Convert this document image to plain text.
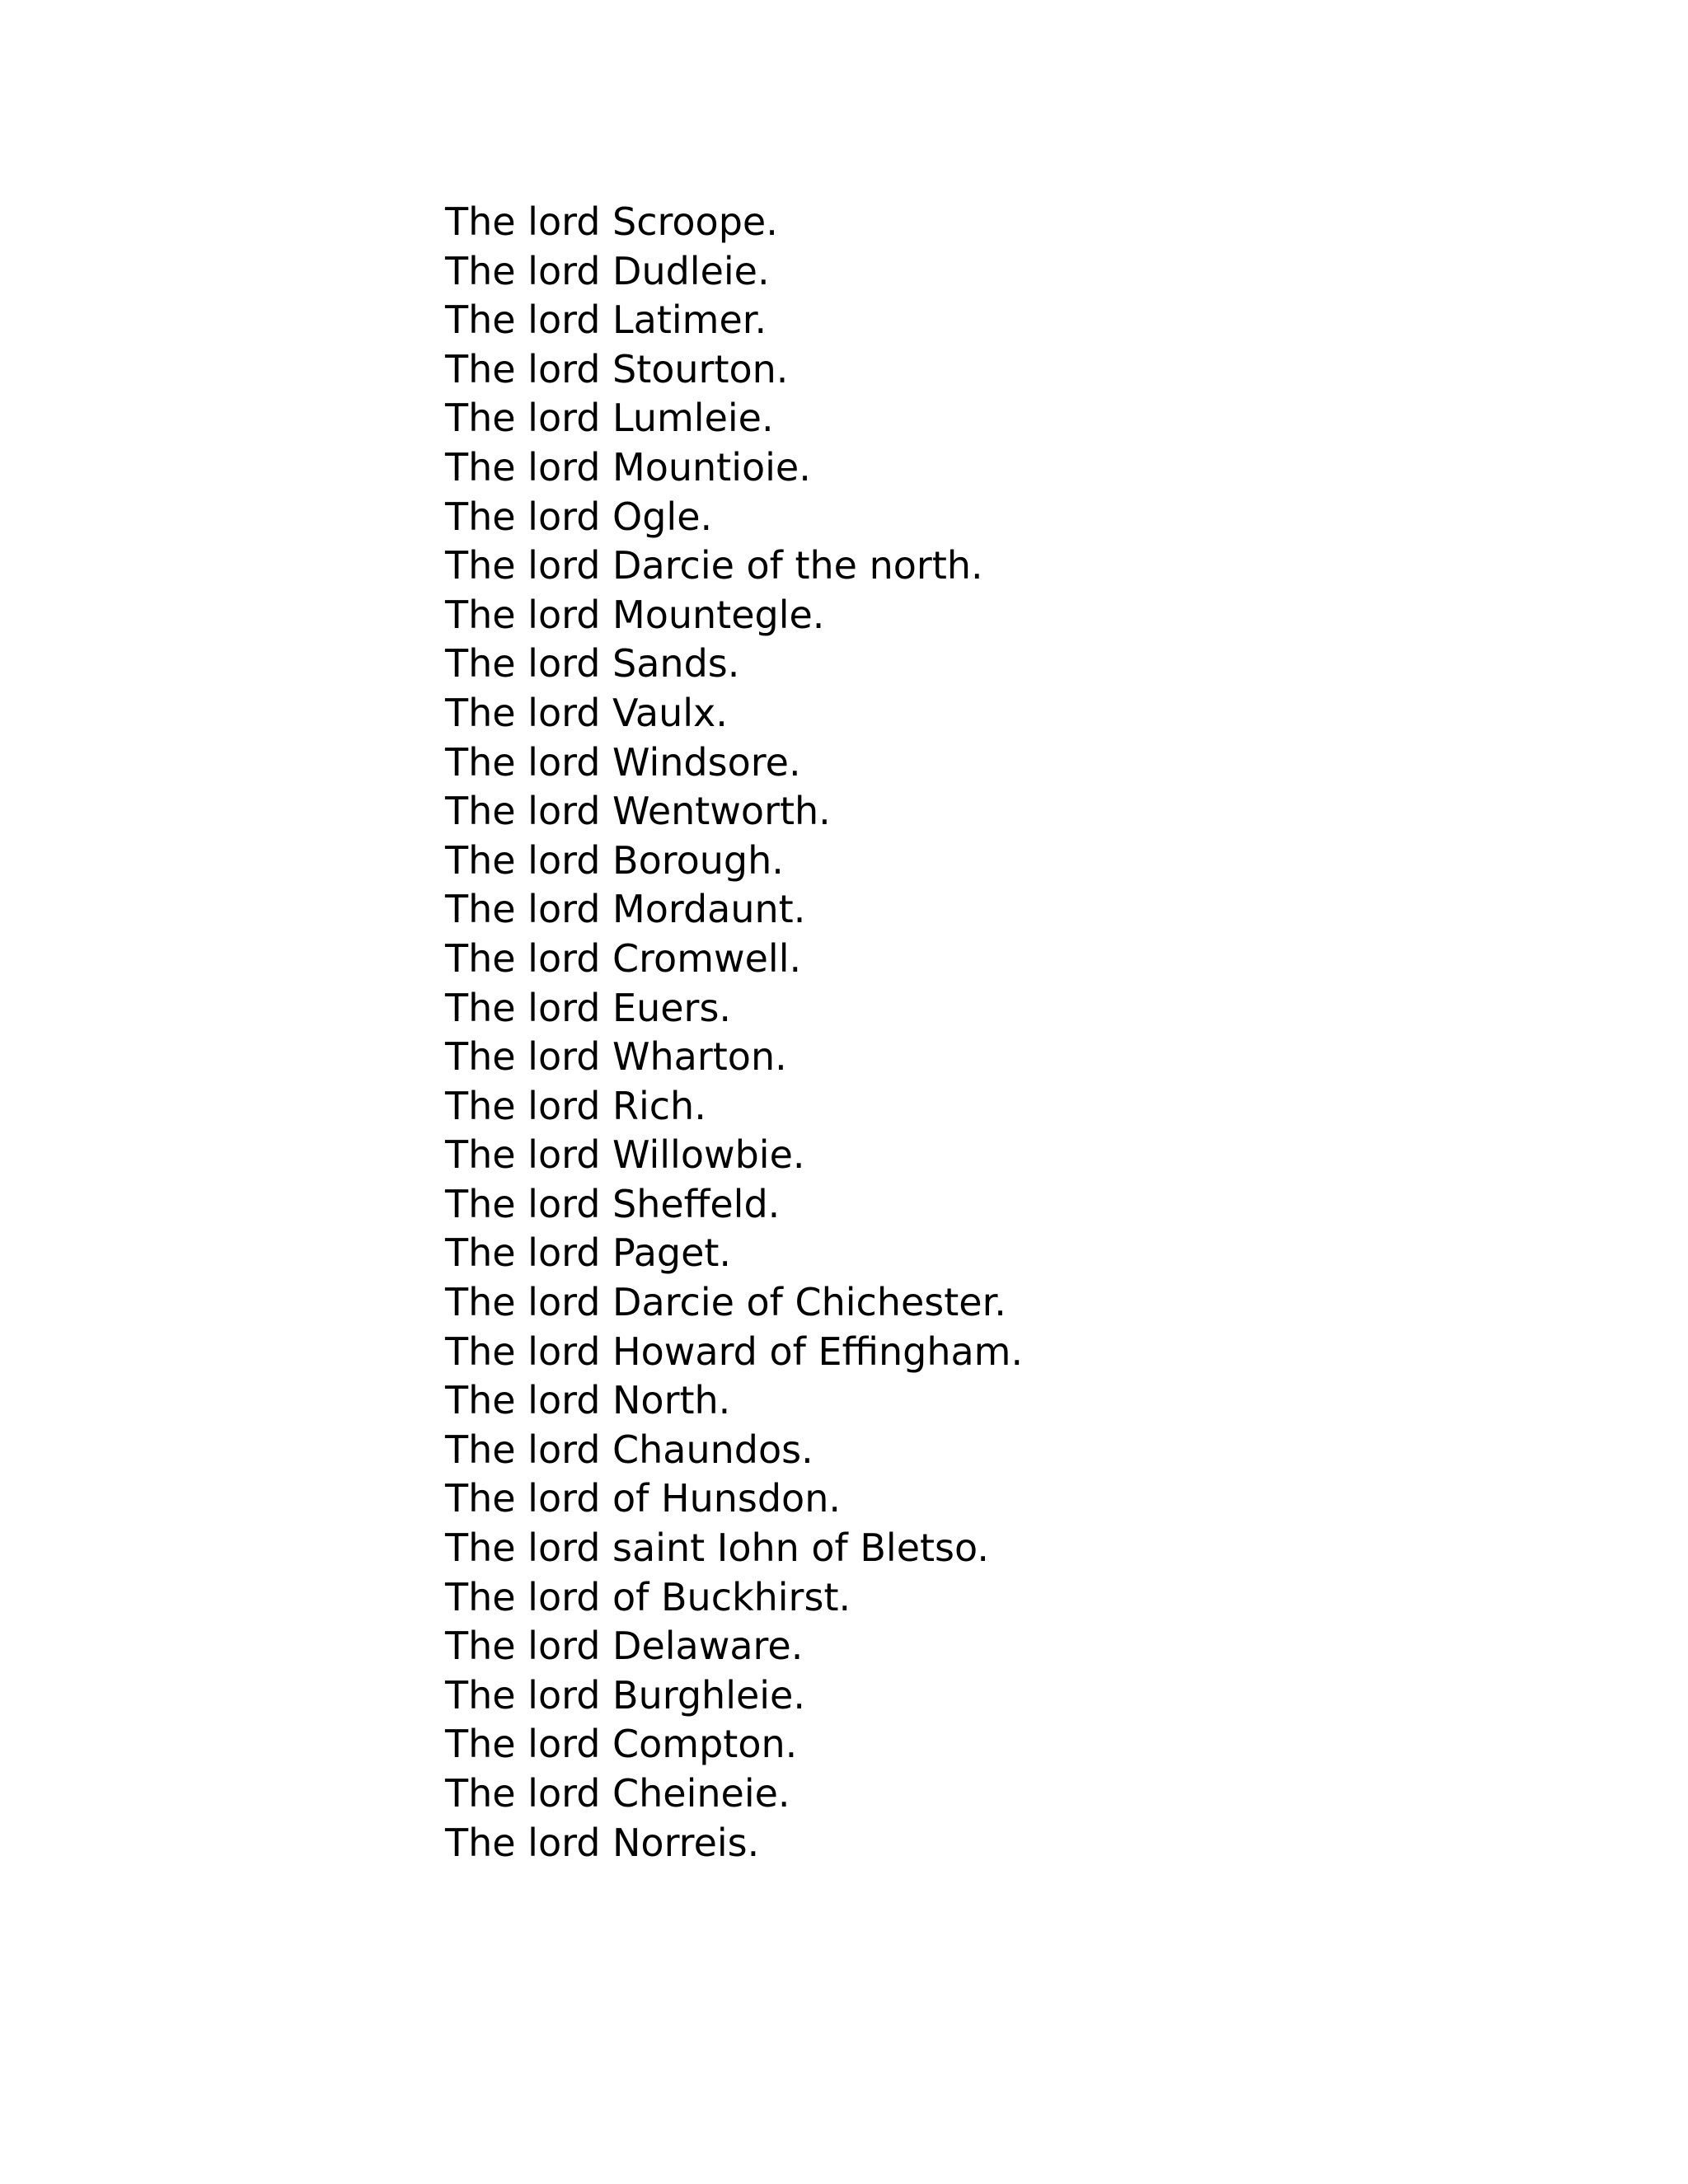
The lord Scroope.
The lord Dudleie.
The lord Latimer.
The lord Stourton.
The lord Lumleie.
The lord Mountioie.
The lord Ogle.
The lord Darcie of the north.
The lord Mountegle.
The lord Sands.
The lord Vaulx.
The lord Windsore.
The lord Wentworth.
The lord Borough.
The lord Mordaunt.
The lord Cromwell.
The lord Euers.
The lord Wharton.
The lord Rich.
The lord Willowbie.
The lord Sheffeld.
The lord Paget.
The lord Darcie of Chichester.
The lord Howard of Effingham.
The lord North.
The lord Chaundos.
The lord of Hunsdon.
The lord saint Iohn of Bletso.
The lord of Buckhirst.
The lord Delaware.
The lord Burghleie.
The lord Compton.
The lord Cheineie.
The lord Norreis.
